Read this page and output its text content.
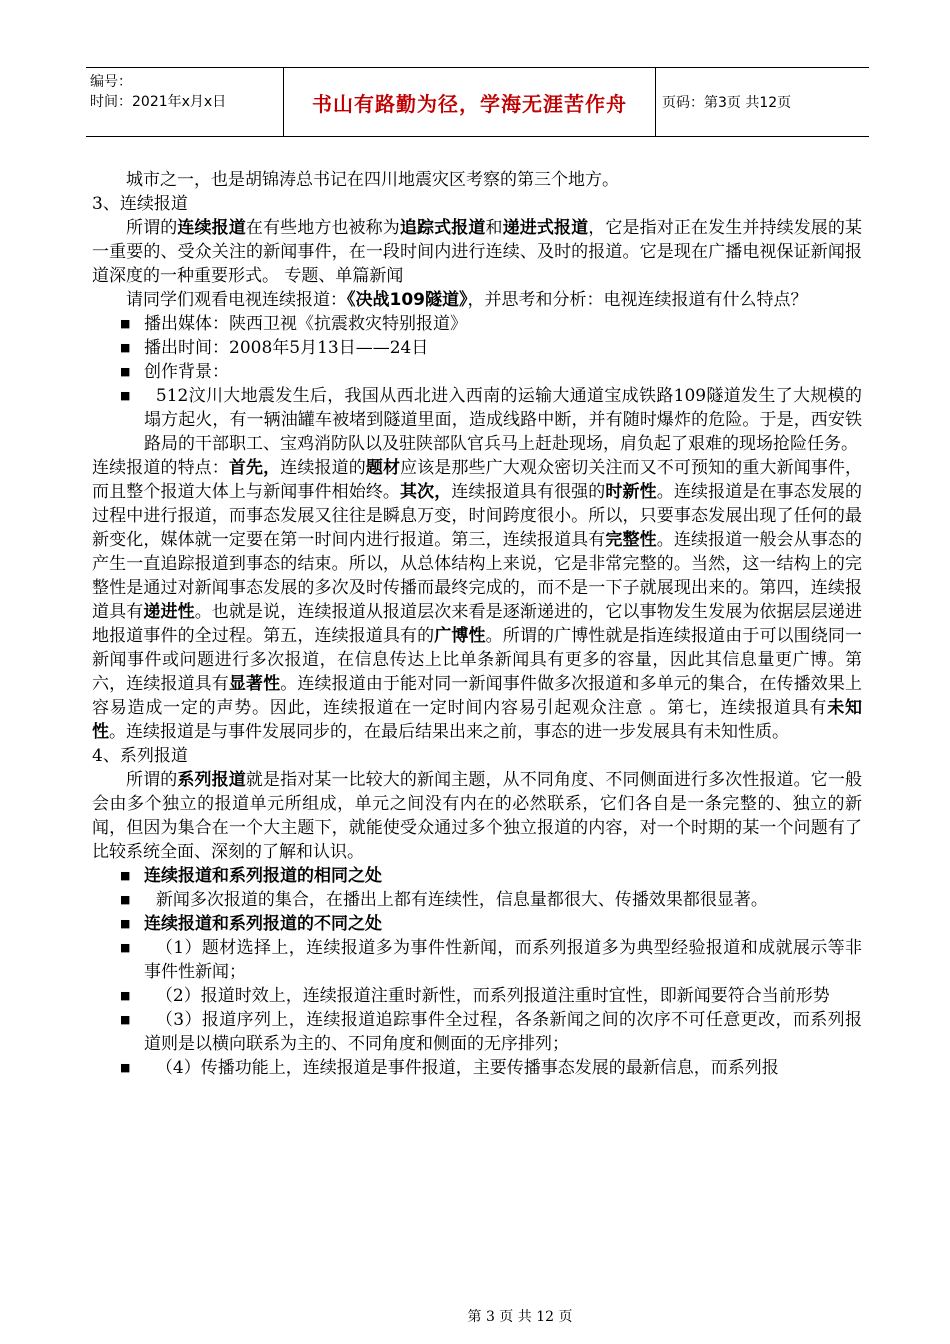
编号：
时间：2021年x月x日	书山有路勤为径，学海无涯苦作舟	页码：第3页 共12页

城市之一，也是胡锦涛总书记在四川地震灾区考察的第三个地方。

3、连续报道

所谓的连续报道在有些地方也被称为追踪式报道和递进式报道，它是指对正在发生并持续发展的某一重要的、受众关注的新闻事件，在一段时间内进行连续、及时的报道。它是现在广播电视保证新闻报道深度的一种重要形式。 专题、单篇新闻

请同学们观看电视连续报道：《决战109隧道》，并思考和分析：电视连续报道有什么特点？

■ 播出媒体：陕西卫视《抗震救灾特别报道》
■ 播出时间：2008年5月13日——24日
■ 创作背景：
■	512汶川大地震发生后，我国从西北进入西南的运输大通道宝成铁路109隧道发生了大规模的塌方起火，有一辆油罐车被堵到隧道里面，造成线路中断，并有随时爆炸的危险。于是，西安铁路局的干部职工、宝鸡消防队以及驻陕部队官兵马上赶赴现场，肩负起了艰难的现场抢险任务。

连续报道的特点：首先，连续报道的题材应该是那些广大观众密切关注而又不可预知的重大新闻事件，而且整个报道大体上与新闻事件相始终。其次，连续报道具有很强的时新性。连续报道是在事态发展的过程中进行报道，而事态发展又往往是瞬息万变，时间跨度很小。所以，只要事态发展出现了任何的最新变化，媒体就一定要在第一时间内进行报道。第三，连续报道具有完整性。连续报道一般会从事态的产生一直追踪报道到事态的结束。所以，从总体结构上来说，它是非常完整的。当然，这一结构上的完整性是通过对新闻事态发展的多次及时传播而最终完成的，而不是一下子就展现出来的。第四，连续报道具有递进性。也就是说，连续报道从报道层次来看是逐渐递进的，它以事物发生发展为依据层层递进地报道事件的全过程。第五，连续报道具有的广博性。所谓的广博性就是指连续报道由于可以围绕同一新闻事件或问题进行多次报道，在信息传达上比单条新闻具有更多的容量，因此其信息量更广博。第六，连续报道具有显著性。连续报道由于能对同一新闻事件做多次报道和多单元的集合，在传播效果上容易造成一定的声势。因此，连续报道在一定时间内容易引起观众注意 。第七，连续报道具有未知性。连续报道是与事件发展同步的，在最后结果出来之前，事态的进一步发展具有未知性质。

4、系列报道

所谓的系列报道就是指对某一比较大的新闻主题，从不同角度、不同侧面进行多次性报道。它一般会由多个独立的报道单元所组成，单元之间没有内在的必然联系，它们各自是一条完整的、独立的新闻，但因为集合在一个大主题下，就能使受众通过多个独立报道的内容，对一个时期的某一个问题有了比较系统全面、深刻的了解和认识。

■ 连续报道和系列报道的相同之处
■	新闻多次报道的集合，在播出上都有连续性，信息量都很大、传播效果都很显著。
■ 连续报道和系列报道的不同之处
■	（1）题材选择上，连续报道多为事件性新闻，而系列报道多为典型经验报道和成就展示等非事件性新闻；
■	（2）报道时效上，连续报道注重时新性，而系列报道注重时宜性，即新闻要符合当前形势
■	（3）报道序列上，连续报道追踪事件全过程，各条新闻之间的次序不可任意更改，而系列报道则是以横向联系为主的、不同角度和侧面的无序排列；
■	（4）传播功能上，连续报道是事件报道，主要传播事态发展的最新信息，而系列报
第 3 页 共 12 页
